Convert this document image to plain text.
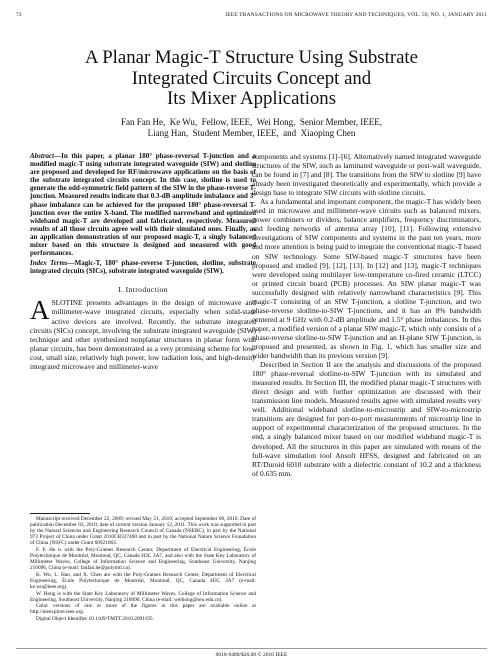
72	IEEE TRANSACTIONS ON MICROWAVE THEORY AND TECHNIQUES, VOL. 59, NO. 1, JANUARY 2011
A Planar Magic-T Structure Using Substrate
Integrated Circuits Concept and
Its Mixer Applications
Fan Fan He,  Ke Wu,  Fellow, IEEE,  Wei Hong,  Senior Member, IEEE,
Liang Han,  Student Member, IEEE,  and  Xiaoping Chen
Abstract—In this paper, a planar 180° phase-reversal T-junction and a modified magic-T using substrate integrated waveguide (SIW) and slotline are proposed and developed for RF/microwave applications on the basis of the substrate integrated circuits concept. In this case, slotline is used to generate the odd-symmetric field pattern of the SIW in the phase-reverse T-junction. Measured results indicate that 0.3-dB amplitude imbalance and 3° phase imbalance can be achieved for the proposed 180° phase-reversal T-junction over the entire X-band. The modified narrowband and optimized wideband magic-T are developed and fabricated, respectively. Measured results of all those circuits agree well with their simulated ones. Finally, as an application demonstration of our proposed magic-T, a singly balanced mixer based on this structure is designed and measured with good performances.
Index Terms—Magic-T, 180° phase-reverse T-junction, slotline, substrate integrated circuits (SICs), substrate integrated waveguide (SIW).
I. Introduction

ASLOTINE presents advantages in the design of microwave and millimeter-wave integrated circuits, especially when solid-state active devices are involved. Recently, the substrate integrated circuits (SICs) concept, involving the substrate integrated waveguide (SIW) technique and other synthesized nonplanar structures in planar form with planar circuits, has been demonstrated as a very promising scheme for low-cost, small size, relatively high power, low radiation loss, and high-density integrated microwave and millimeter-wave

Manuscript received December 22, 2009; revised May 21, 2010; accepted September 06, 2010. Date of publication December 03, 2010; date of current version January 12, 2011. This work was supported in part by the Natural Sciences and Engineering Research Council of Canada (NSERC), in part by the National 973 Project of China under Grant 2010CB327400 and in part by the National Nature Science Foundation of China (NSFC) under Grant 60921063.

F. F. He is with the Poly-Grames Research Center, Department of Electrical Engineering, École Polytechnique de Montréal, Montreal, QC, Canada H3C 3A7, and also with the State Key Laboratory of Millimeter Waves, College of Information Science and Engineering, Southeast University, Nanjing 210096, China (e-mail: fanfan.he@polymtl.ca).

K. Wu, L. Han, and X. Chen are with the Poly-Grames Research Center, Department of Electrical Engineering, École Polytechnique de Montréal, Montreal, QC, Canada H3C 3A7 (e-mail: ke.wu@ieee.org).

W. Hong is with the State Key Laboratory of Millimeter Waves, College of Information Science and Engineering, Southeast University, Nanjing 210096, China (e-mail: weihong@seu.edu.cn).

Color versions of one or more of the figures in this paper are available online at http://ieeexplore.ieee.org.

Digital Object Identifier 10.1109/TMTT.2010.2091195

components and systems [1]–[6]. Alternatively named integrated waveguide structures of the SIW, such as laminated waveguide or post-wall waveguide, can be found in [7] and [8]. The transitions from the SIW to slotline [9] have already been investigated theoretically and experimentally, which provide a design base to integrate SIW circuits with slotline circuits.

As a fundamental and important component, the magic-T has widely been used in microwave and millimeter-wave circuits such as balanced mixers, power combiners or dividers, balance amplifiers, frequency discriminators, and feeding networks of antenna array [10], [11]. Following extensive investigations of SIW components and systems in the past ten years, more and more attention is being paid to integrate the conventional magic-T based on SIW technology. Some SIW-based magic-T structures have been proposed and studied [9], [12], [13]. In [12] and [13], magic-T techniques were developed using multilayer low-temperature co-fired ceramic (LTCC) or printed circuit board (PCB) processes. An SIW planar magic-T was successfully designed with relatively narrowband characteristics [9]. This magic-T consisting of an SIW T-junction, a slotline T-junction, and two phase-reverse slotline-to-SIW T-junctions, and it has an 8% bandwidth centered at 9 GHz with 0.2-dB amplitude and 1.5° phase imbalances. In this paper, a modified version of a planar SIW magic-T, which only consists of a phase-reverse slotline-to-SIW T-junction and an H-plane SIW T-junction, is proposed and presented, as shown in Fig. 1, which has smaller size and wider bandwidth than its previous version [9].

Described in Section II are the analysis and discussions of the proposed 180° phase-reversal slotline-to-SIW T-junction with its simulated and measured results. In Section III, the modified planar magic-T structures with direct design and with further optimization are discussed with their transmission line models. Measured results agree with simulated results very well. Additional wideband slotline-to-microstrip and SIW-to-microstrip transitions are designed for port-to-port measurements of microstrip line in support of experimental characterization of the proposed structures. In the end, a singly balanced mixer based on our modified wideband magic-T is developed. All the structures in this paper are simulated with means of the full-wave simulation tool Ansoft HFSS, designed and fabricated on an RT/Duroid 6010 substrate with a dielectric constant of 10.2 and a thickness of 0.635 mm.

0018-9480/$26.00 © 2010 IEEE
